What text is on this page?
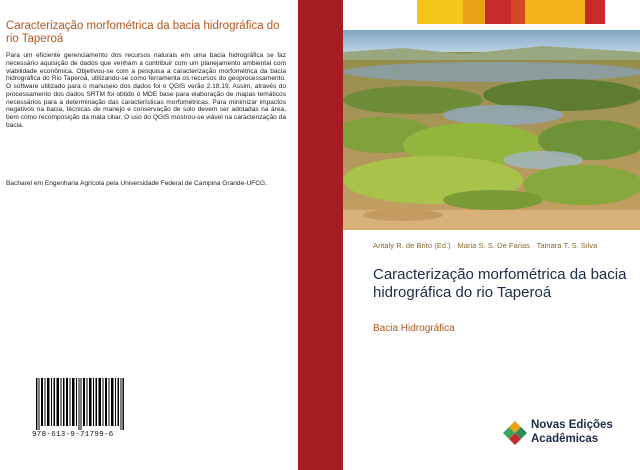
Caracterização morfométrica da bacia hidrográfica do rio Taperoá
Para um eficiente gerenciamento dos recursos naturais em uma bacia hidrográfica se faz necessário aquisição de dados que venham a contribuir com um planejamento ambiental com viabilidade econômica. Objetivou-se com a pesquisa a caracterização morfométrica da bacia hidrográfica do Rio Taperoá, utilizando-se como ferramenta os recursos do geoprocessamento. O software utilizado para o manuseio dos dados foi o QGIS verão 2.18.19. Assim, através do processamento dos dados SRTM foi obtido o MDE base para elaboração de mapas temáticos necessários para a determinação das características morfométricas. Para minimizar impactos negativos na bacia, técnicas de manejo e conservação de solo devem ser adotadas na área, bem como recomposição da mata ciliar. O uso do QGIS mostrou-se viável na caracterização da bacia.
Bacharel em Engenharia Agrícola pela Universidade Federal de Campina Grande-UFCG.
978-613-9-71799-6
Aritaly R. de Brito (Ed.) · Maria S. S. De Farias · Tainara T. S. Silva
Caracterização morfométrica da bacia hidrográfica do rio Taperoá
Bacia Hidrográfica
Novas Edições Acadêmicas
